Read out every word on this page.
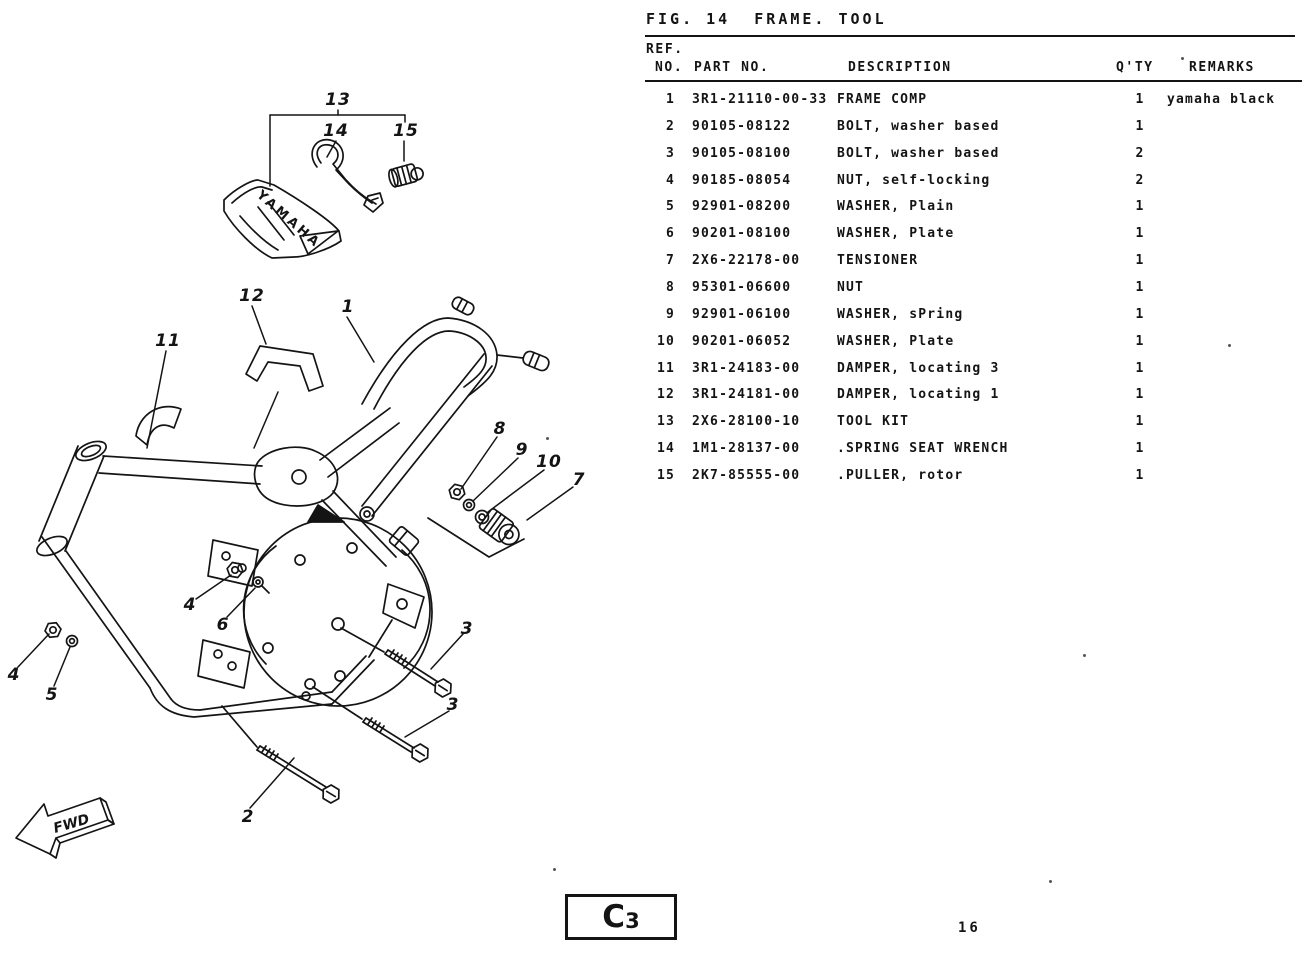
YAMAHA
FWD
13
14	15
12
1
11
8
9
10
7
4
6
4
5
3
3
2
FIG. 14  FRAME. TOOL
REF.
NO. PART NO.	DESCRIPTION	Q'TY	REMARKS
1 3R1-21110-00-33 FRAME COMP	1	yamaha black
2 90105-08122	BOLT, washer based	1
3 90105-08100	BOLT, washer based	2
4 90185-08054	NUT, self-locking	2
5 92901-08200	WASHER, Plain	1
6 90201-08100	WASHER, Plate	1
7 2X6-22178-00	TENSIONER	1
8 95301-06600	NUT	1
9 92901-06100	WASHER, sPring	1
10 90201-06052	WASHER, Plate	1
11 3R1-24183-00	DAMPER, locating 3	1
12 3R1-24181-00	DAMPER, locating 1	1
13 2X6-28100-10	TOOL KIT	1
14 1M1-28137-00	.SPRING SEAT WRENCH	1
15 2K7-85555-00	.PULLER, rotor	1
C 3	16
